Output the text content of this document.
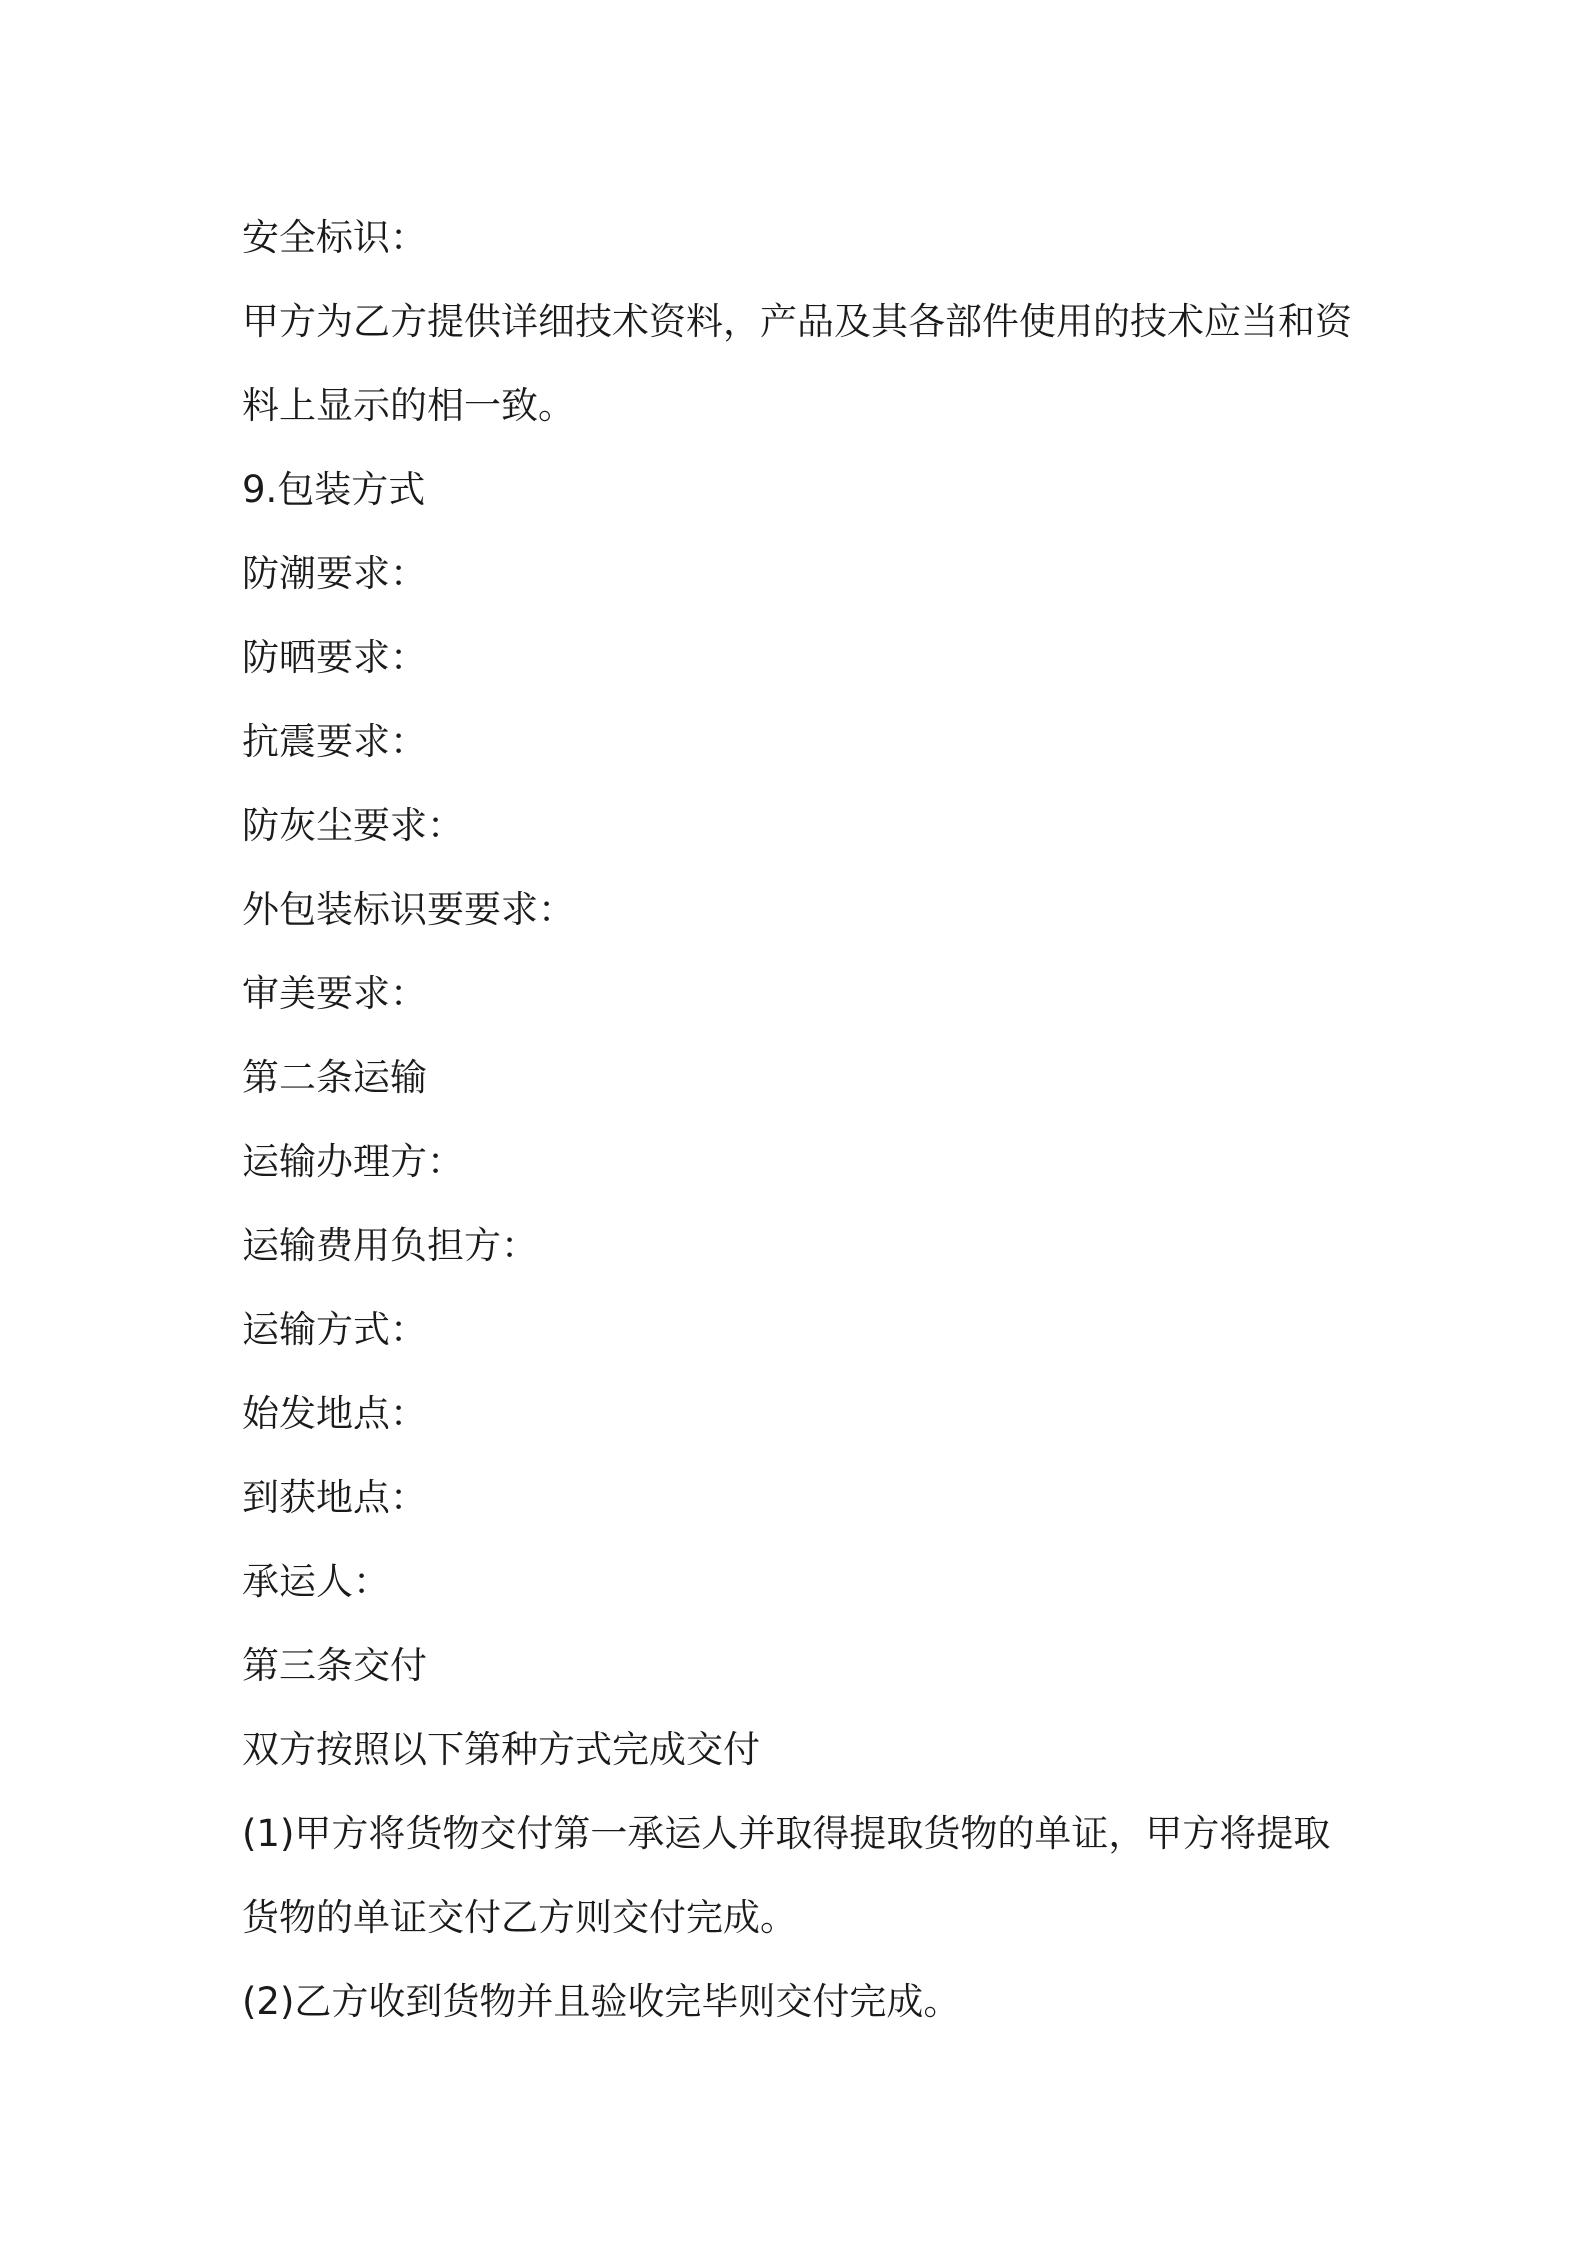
安全标识：
甲方为乙方提供详细技术资料，产品及其各部件使用的技术应当和资
料上显示的相一致。
9.包装方式
防潮要求：
防晒要求：
抗震要求：
防灰尘要求：
外包装标识要要求：
审美要求：
第二条运输
运输办理方：
运输费用负担方：
运输方式：
始发地点：
到获地点：
承运人：
第三条交付
双方按照以下第种方式完成交付
(1)甲方将货物交付第一承运人并取得提取货物的单证，甲方将提取
货物的单证交付乙方则交付完成。
(2)乙方收到货物并且验收完毕则交付完成。
